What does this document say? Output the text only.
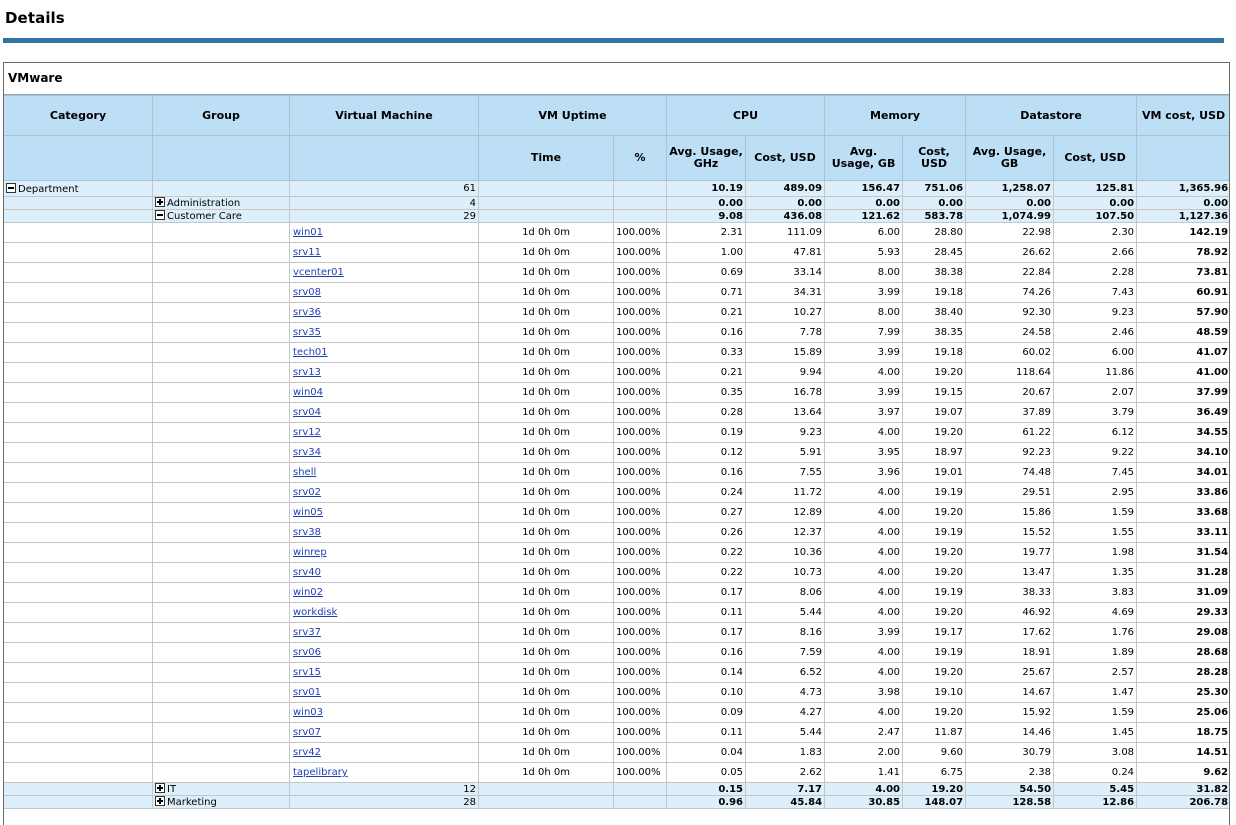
Details
VMware
Category	Group	Virtual Machine	VM Uptime		CPU		Memory		Datastore		VM cost, USD
			Time	%	Avg. Usage, GHz	Cost, USD	Avg. Usage, GB	Cost, USD	Avg. Usage, GB	Cost, USD	
Department		61			10.19	489.09	156.47	751.06	1,258.07	125.81	1,365.96
	Administration	4			0.00	0.00	0.00	0.00	0.00	0.00	0.00
	Customer Care	29			9.08	436.08	121.62	583.78	1,074.99	107.50	1,127.36
		win01	1d 0h 0m	100.00%	2.31	111.09	6.00	28.80	22.98	2.30	142.19
		srv11	1d 0h 0m	100.00%	1.00	47.81	5.93	28.45	26.62	2.66	78.92
		vcenter01	1d 0h 0m	100.00%	0.69	33.14	8.00	38.38	22.84	2.28	73.81
		srv08	1d 0h 0m	100.00%	0.71	34.31	3.99	19.18	74.26	7.43	60.91
		srv36	1d 0h 0m	100.00%	0.21	10.27	8.00	38.40	92.30	9.23	57.90
		srv35	1d 0h 0m	100.00%	0.16	7.78	7.99	38.35	24.58	2.46	48.59
		tech01	1d 0h 0m	100.00%	0.33	15.89	3.99	19.18	60.02	6.00	41.07
		srv13	1d 0h 0m	100.00%	0.21	9.94	4.00	19.20	118.64	11.86	41.00
		win04	1d 0h 0m	100.00%	0.35	16.78	3.99	19.15	20.67	2.07	37.99
		srv04	1d 0h 0m	100.00%	0.28	13.64	3.97	19.07	37.89	3.79	36.49
		srv12	1d 0h 0m	100.00%	0.19	9.23	4.00	19.20	61.22	6.12	34.55
		srv34	1d 0h 0m	100.00%	0.12	5.91	3.95	18.97	92.23	9.22	34.10
		shell	1d 0h 0m	100.00%	0.16	7.55	3.96	19.01	74.48	7.45	34.01
		srv02	1d 0h 0m	100.00%	0.24	11.72	4.00	19.19	29.51	2.95	33.86
		win05	1d 0h 0m	100.00%	0.27	12.89	4.00	19.20	15.86	1.59	33.68
		srv38	1d 0h 0m	100.00%	0.26	12.37	4.00	19.19	15.52	1.55	33.11
		winrep	1d 0h 0m	100.00%	0.22	10.36	4.00	19.20	19.77	1.98	31.54
		srv40	1d 0h 0m	100.00%	0.22	10.73	4.00	19.20	13.47	1.35	31.28
		win02	1d 0h 0m	100.00%	0.17	8.06	4.00	19.19	38.33	3.83	31.09
		workdisk	1d 0h 0m	100.00%	0.11	5.44	4.00	19.20	46.92	4.69	29.33
		srv37	1d 0h 0m	100.00%	0.17	8.16	3.99	19.17	17.62	1.76	29.08
		srv06	1d 0h 0m	100.00%	0.16	7.59	4.00	19.19	18.91	1.89	28.68
		srv15	1d 0h 0m	100.00%	0.14	6.52	4.00	19.20	25.67	2.57	28.28
		srv01	1d 0h 0m	100.00%	0.10	4.73	3.98	19.10	14.67	1.47	25.30
		win03	1d 0h 0m	100.00%	0.09	4.27	4.00	19.20	15.92	1.59	25.06
		srv07	1d 0h 0m	100.00%	0.11	5.44	2.47	11.87	14.46	1.45	18.75
		srv42	1d 0h 0m	100.00%	0.04	1.83	2.00	9.60	30.79	3.08	14.51
		tapelibrary	1d 0h 0m	100.00%	0.05	2.62	1.41	6.75	2.38	0.24	9.62
	IT	12			0.15	7.17	4.00	19.20	54.50	5.45	31.82
	Marketing	28			0.96	45.84	30.85	148.07	128.58	12.86	206.78
